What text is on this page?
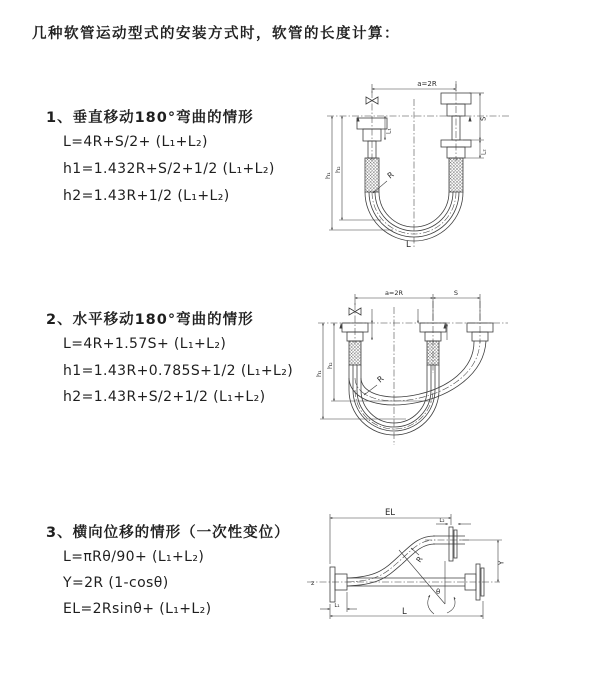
几种软管运动型式的安装方式时，软管的长度计算：
1、垂直移动180°弯曲的情形
L=4R+S/2+ (L₁+L₂)
h1=1.432R+S/2+1/2 (L₁+L₂)
h2=1.43R+1/2 (L₁+L₂)
2、水平移动180°弯曲的情形
L=4R+1.57S+ (L₁+L₂)
h1=1.43R+0.785S+1/2 (L₁+L₂)
h2=1.43R+S/2+1/2 (L₁+L₂)
3、横向位移的情形（一次性变位）
L=πRθ/90+ (L₁+L₂)
Y=2R (1-cosθ)
EL=2Rsinθ+ (L₁+L₂)
a=2R
S
L₂
L₁
h₁
h₂
R
L
a=2R	S
h₁
h₂
R
EL
L₂
Y
R
θ
L
L₁
z
